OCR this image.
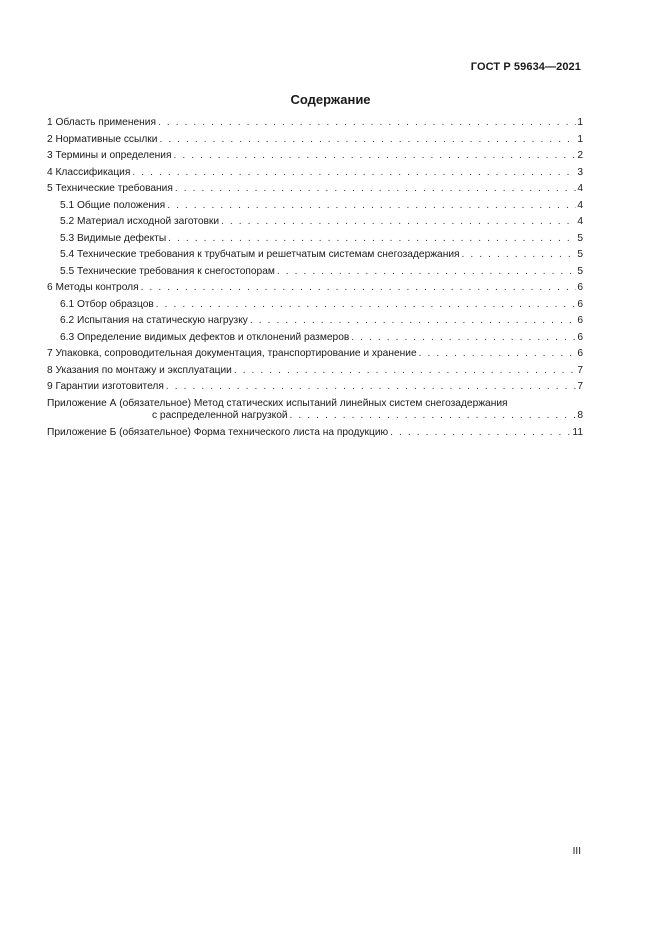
ГОСТ Р 59634—2021
Содержание
1 Область применения . . .	1
2 Нормативные ссылки . . .	1
3 Термины и определения . . .	2
4 Классификация . . .	3
5 Технические требования . . .	4
5.1 Общие положения . . .	4
5.2 Материал исходной заготовки . . .	4
5.3 Видимые дефекты . . .	5
5.4 Технические требования к трубчатым и решетчатым системам снегозадержания . . .	5
5.5 Технические требования к снегостопорам . . .	5
6 Методы контроля . . .	6
6.1 Отбор образцов . . .	6
6.2 Испытания на статическую нагрузку . . .	6
6.3 Определение видимых дефектов и отклонений размеров . . .	6
7 Упаковка, сопроводительная документация, транспортирование и хранение . . .	6
8 Указания по монтажу и эксплуатации . . .	7
9 Гарантии изготовителя . . .	7
Приложение А (обязательное) Метод статических испытаний линейных систем снегозадержания
с распределенной нагрузкой . . .	8
Приложение Б (обязательное) Форма технического листа на продукцию . . .	11
III
